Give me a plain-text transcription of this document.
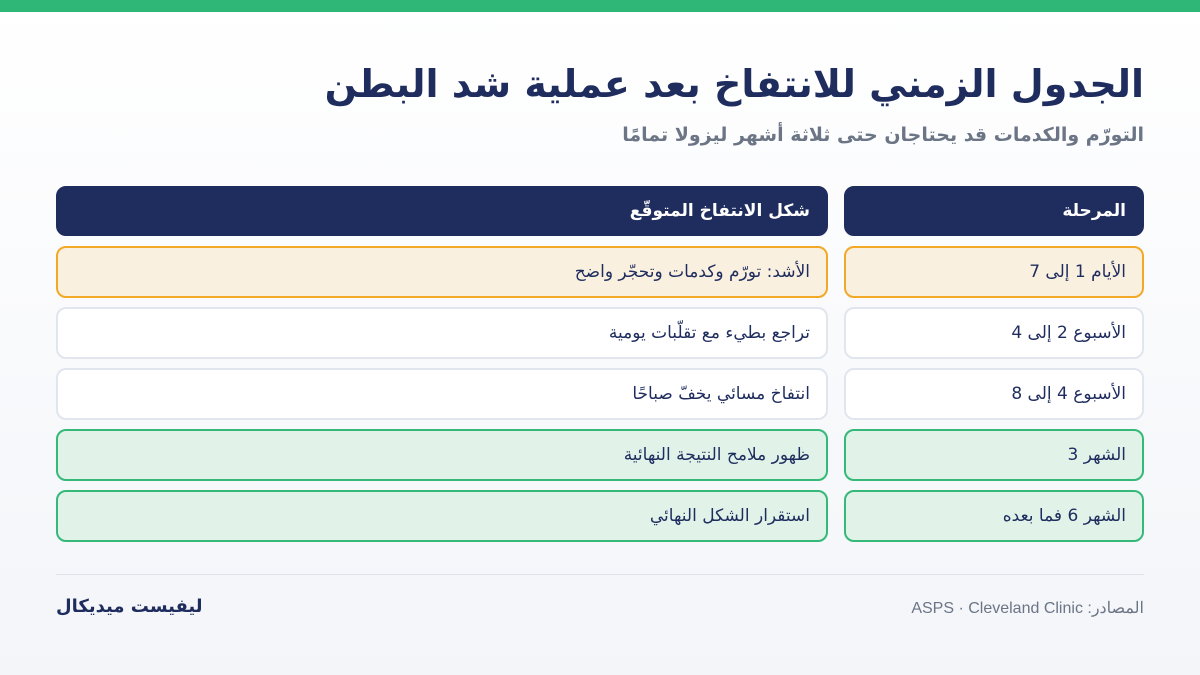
الجدول الزمني للانتفاخ بعد عملية شد البطن
التورّم والكدمات قد يحتاجان حتى ثلاثة أشهر ليزولا تمامًا
المرحلة
شكل الانتفاخ المتوقّع
الأيام 1 إلى 7
الأشد: تورّم وكدمات وتحجّر واضح
الأسبوع 2 إلى 4
تراجع بطيء مع تقلّبات يومية
الأسبوع 4 إلى 8
انتفاخ مسائي يخفّ صباحًا
الشهر 3
ظهور ملامح النتيجة النهائية
الشهر 6 فما بعده
استقرار الشكل النهائي
المصادر: ASPS · Cleveland Clinic
ليفيست ميديكال
